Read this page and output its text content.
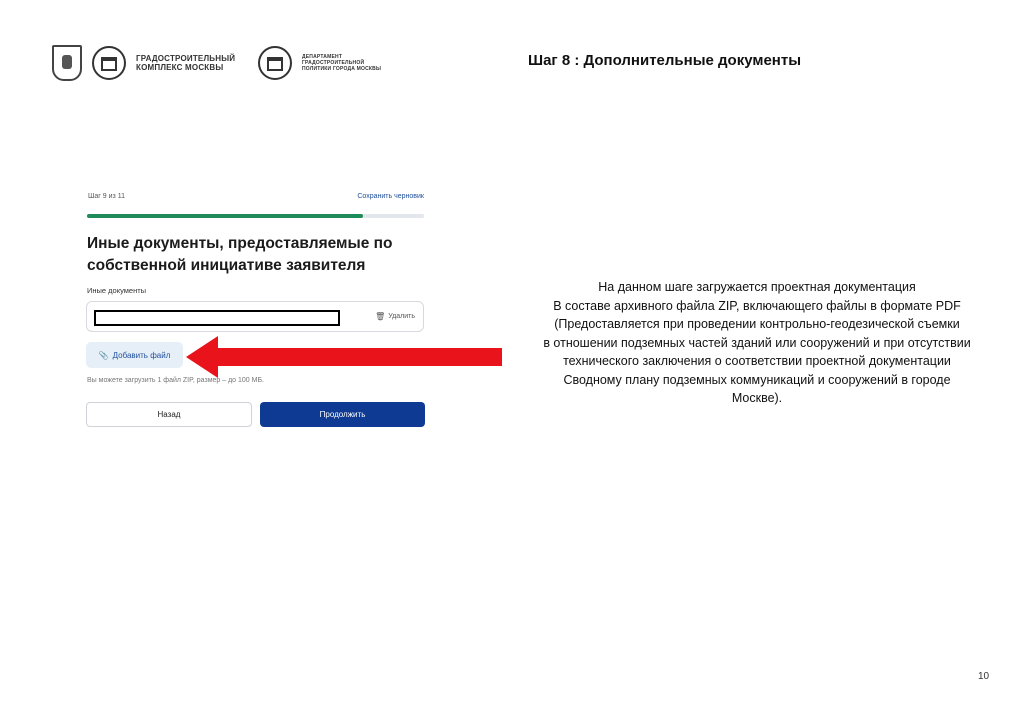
ГРАДОСТРОИТЕЛЬНЫЙ КОМПЛЕКС МОСКВЫ
ДЕПАРТАМЕНТ ГРАДОСТРОИТЕЛЬНОЙ ПОЛИТИКИ ГОРОДА МОСКВЫ	Шаг 8 : Дополнительные документы
Шаг 9 из 11	Сохранить черновик
Иные документы, предоставляемые по собственной инициативе заявителя
Иные документы
🗑 Удалить
📎 Добавить файл
Вы можете загрузить 1 файл ZIP, размер – до 100 МБ.
Назад	Продолжить
На данном шаге загружается проектная документация
В составе архивного файла ZIP, включающего файлы в формате PDF
(Предоставляется при проведении контрольно-геодезической съемки
в отношении подземных частей зданий или сооружений и при отсутствии
технического заключения о соответствии проектной документации
Сводному плану подземных коммуникаций и сооружений в городе
Москве).
10
